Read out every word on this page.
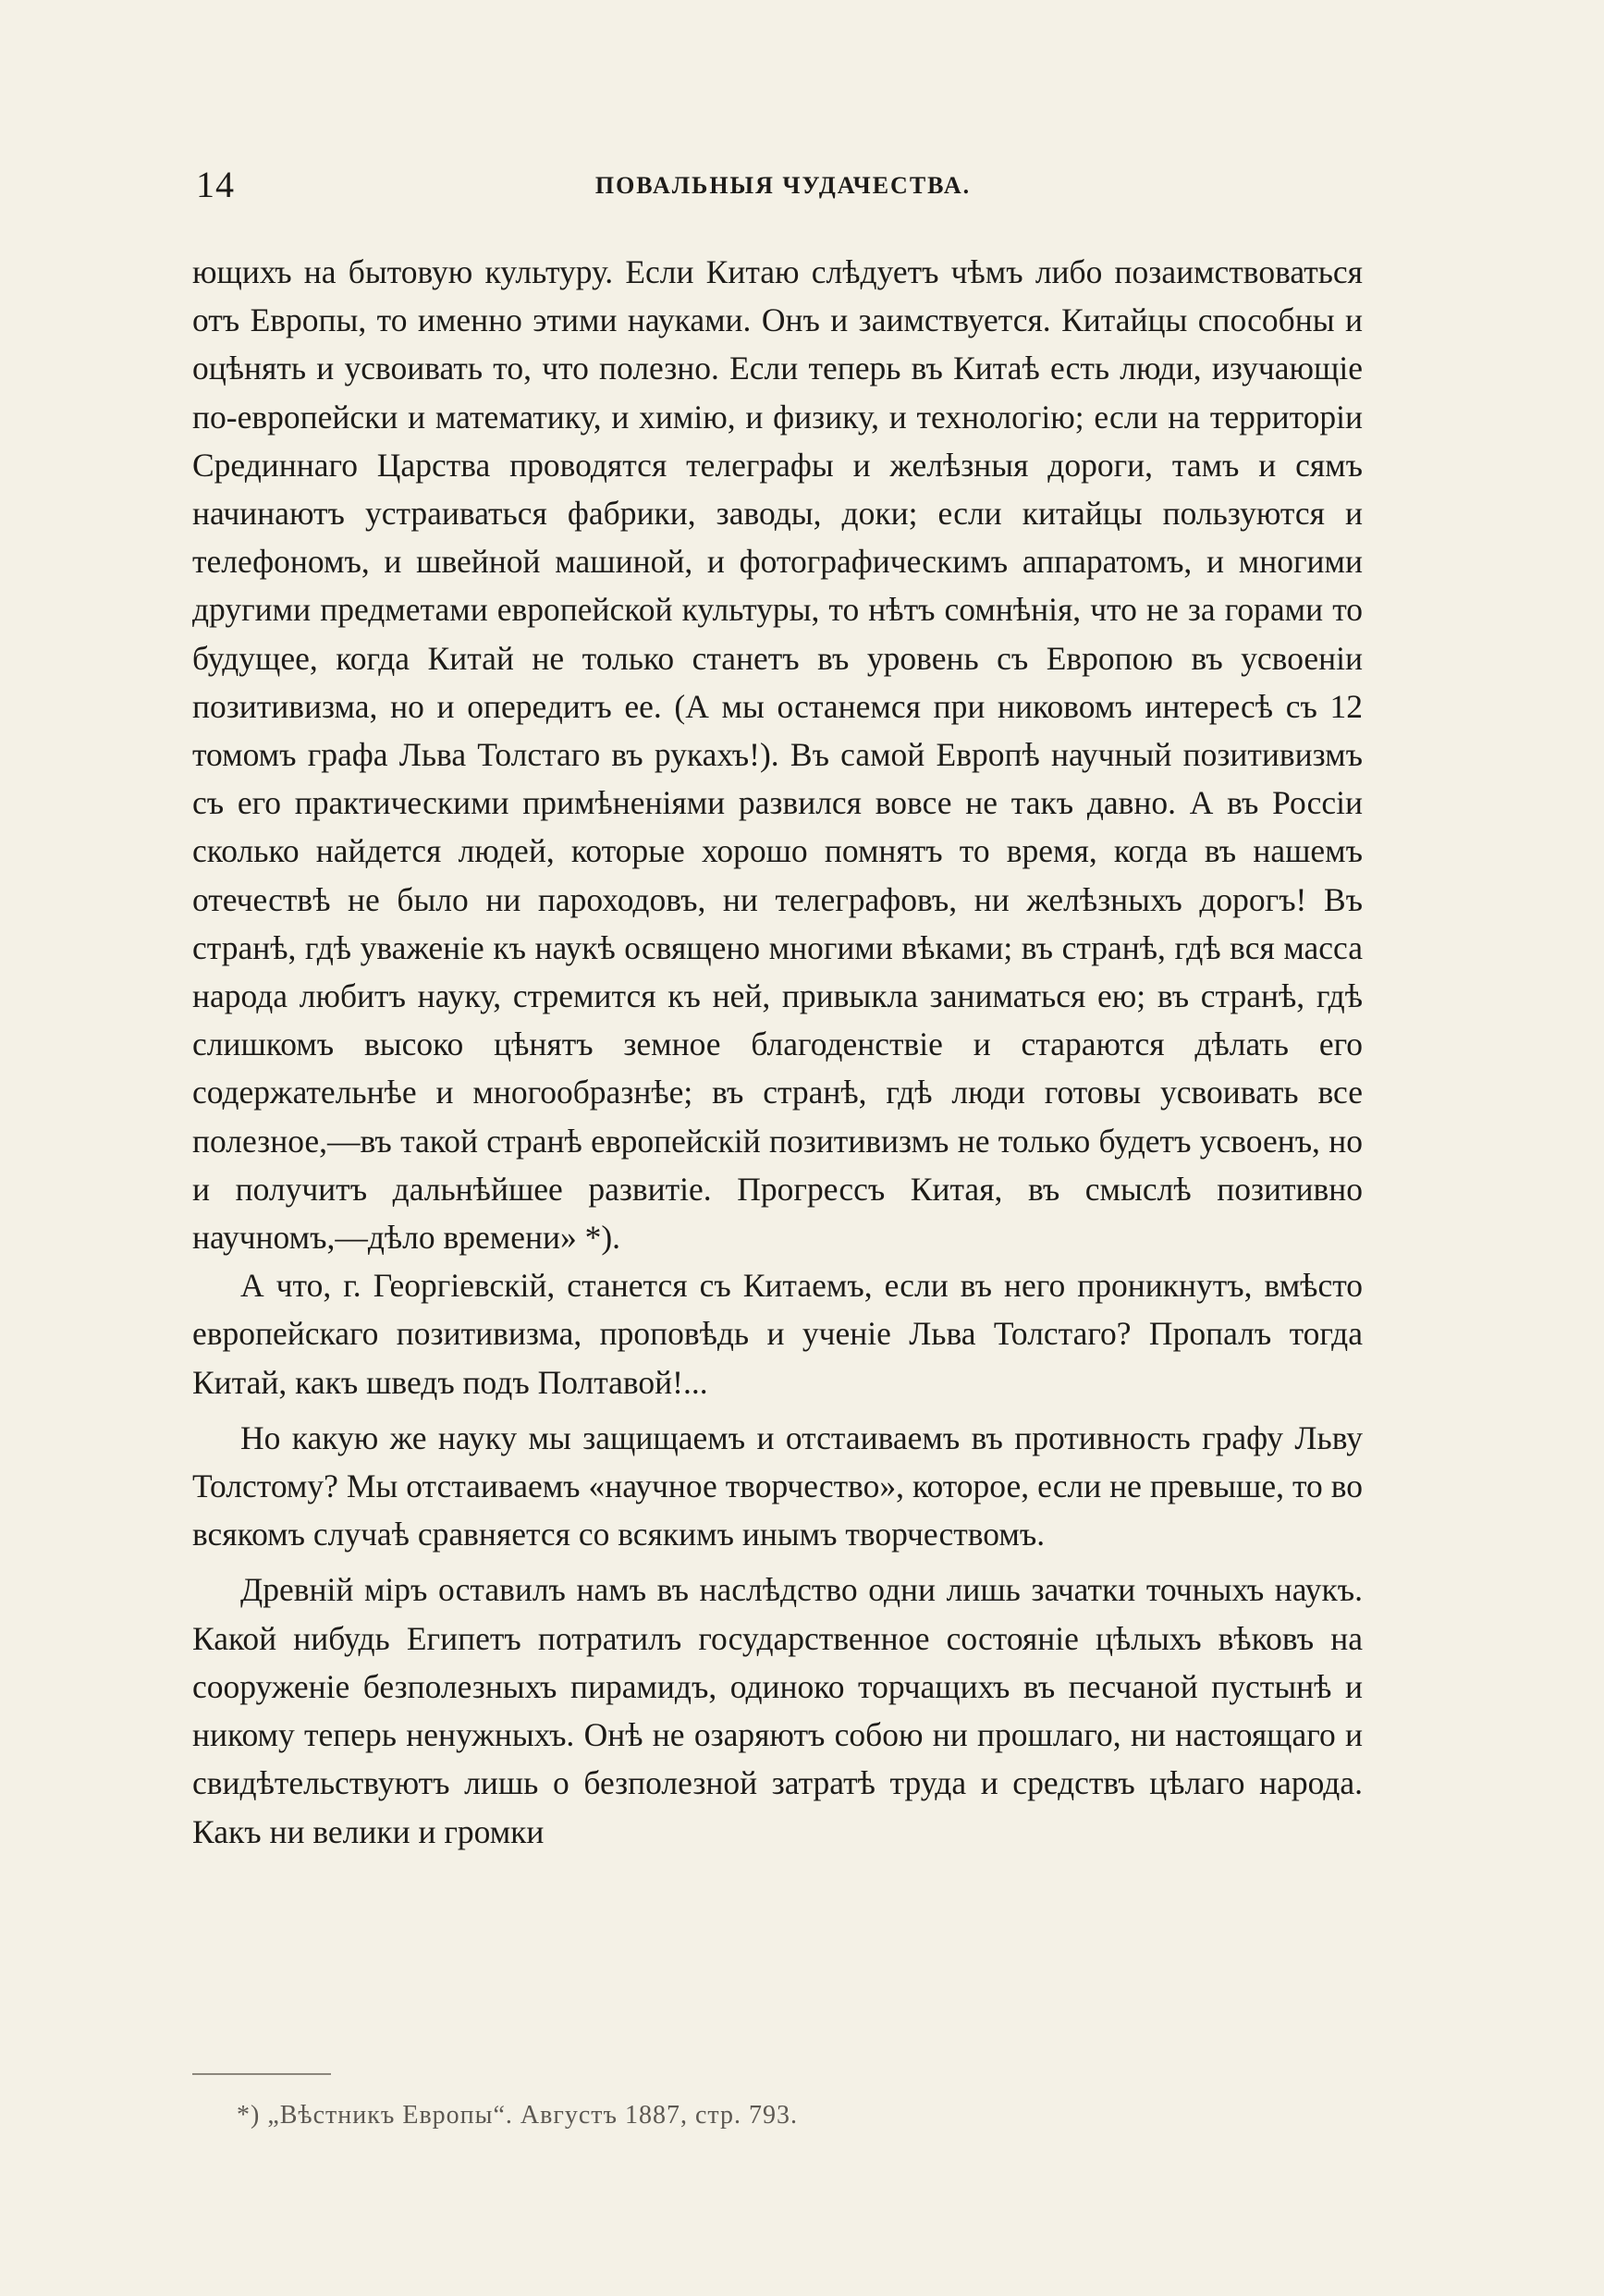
14	ПОВАЛЬНЫЯ ЧУДАЧЕСТВА.

ющихъ на бытовую культуру. Если Китаю слѣдуетъ чѣмъ либо позаимствоваться отъ Европы, то именно этими науками. Онъ и заимствуется. Китайцы способны и оцѣнять и усвоивать то, что полезно. Если теперь въ Китаѣ есть люди, изучающіе по-европейски и математику, и химію, и физику, и технологію; если на территоріи Срединнаго Царства проводятся телеграфы и желѣзныя дороги, тамъ и сямъ начинаютъ устраиваться фабрики, заводы, доки; если китайцы пользуются и телефономъ, и швейной машиной, и фотографическимъ аппаратомъ, и многими другими предметами европейской культуры, то нѣтъ сомнѣнія, что не за горами то будущее, когда Китай не только станетъ въ уровень съ Европою въ усвоеніи позитивизма, но и опередитъ ее. (А мы останемся при никовомъ интересѣ съ 12 томомъ графа Льва Толстаго въ рукахъ!). Въ самой Европѣ научный позитивизмъ съ его практическими примѣненіями развился вовсе не такъ давно. А въ Россіи сколько найдется людей, которые хорошо помнятъ то время, когда въ нашемъ отечествѣ не было ни пароходовъ, ни телеграфовъ, ни желѣзныхъ дорогъ! Въ странѣ, гдѣ уваженіе къ наукѣ освящено многими вѣками; въ странѣ, гдѣ вся масса народа любитъ науку, стремится къ ней, привыкла заниматься ею; въ странѣ, гдѣ слишкомъ высоко цѣнятъ земное благоденствіе и стараются дѣлать его содержательнѣе и многообразнѣе; въ странѣ, гдѣ люди готовы усвоивать все полезное,—въ такой странѣ европейскій позитивизмъ не только будетъ усвоенъ, но и получитъ дальнѣйшее развитіе. Прогрессъ Китая, въ смыслѣ позитивно научномъ,—дѣло времени» *).

А что, г. Георгіевскій, станется съ Китаемъ, если въ него проникнутъ, вмѣсто европейскаго позитивизма, проповѣдь и ученіе Льва Толстаго? Пропалъ тогда Китай, какъ шведъ подъ Полтавой!...

Но какую же науку мы защищаемъ и отстаиваемъ въ противность графу Льву Толстому? Мы отстаиваемъ «научное творчество», которое, если не превыше, то во всякомъ случаѣ сравняется со всякимъ инымъ творчествомъ.

Древній міръ оставилъ намъ въ наслѣдство одни лишь зачатки точныхъ наукъ. Какой нибудь Египетъ потратилъ государственное состояніе цѣлыхъ вѣковъ на сооруженіе безполезныхъ пирамидъ, одиноко торчащихъ въ песчаной пустынѣ и никому теперь ненужныхъ. Онѣ не озаряютъ собою ни прошлаго, ни настоящаго и свидѣтельствуютъ лишь о безполезной затратѣ труда и средствъ цѣлаго народа. Какъ ни велики и громки

*) „Вѣстникъ Европы“. Августъ 1887, стр. 793.
